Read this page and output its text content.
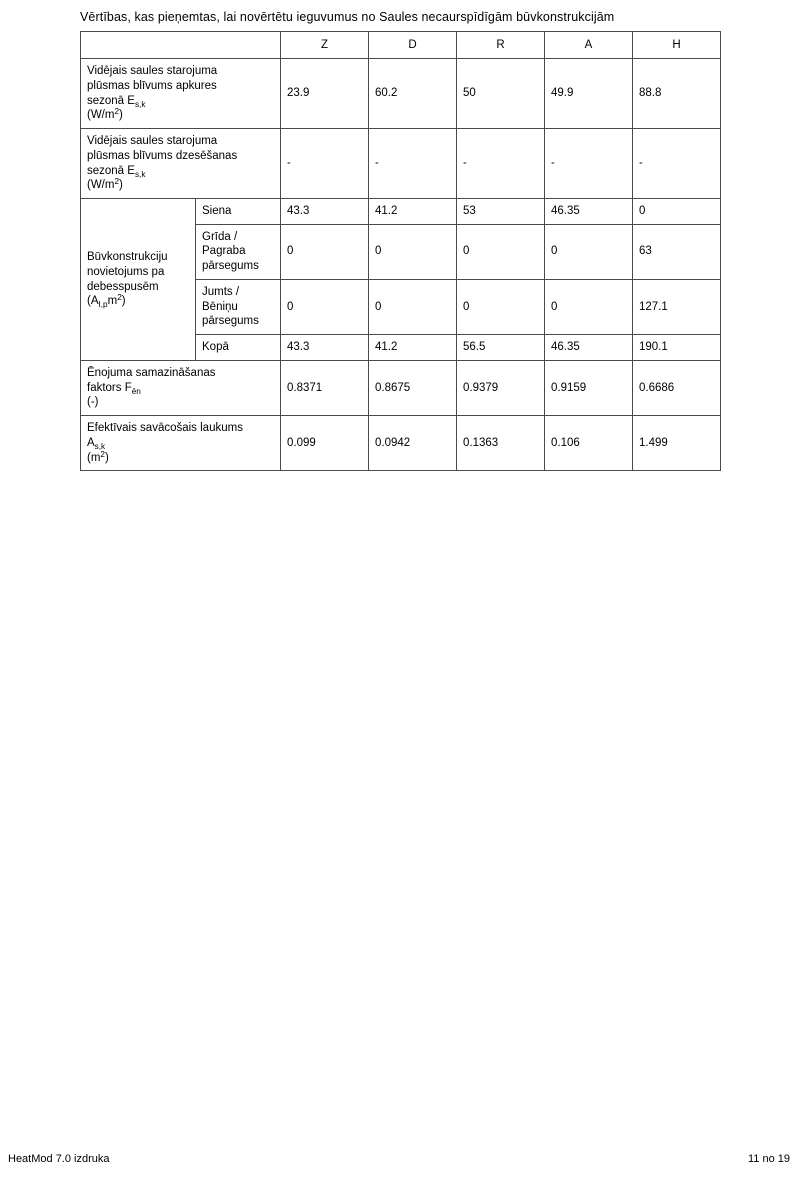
Vērtības, kas pieņemtas, lai novērtētu ieguvumus no Saules necaurspīdīgām būvkonstrukcijām
		Z	D	R	A	H
Vidējais saules starojuma
plūsmas blīvums apkures
sezonā $E_{s,k}$
$(W/m^2)$		23.9	60.2	50	49.9	88.8
Vidējais saules starojuma
plūsmas blīvums dzesēšanas
sezonā $E_{s,k}$
$(W/m^2)$		-	-	-	-	-
Būvkonstrukciju
novietojums pa
debesspusēm
$(A_{I,p}m^2)$	Siena	43.3	41.2	53	46.35	0
	Grīda /
Pagraba
pārsegums	0	0	0	0	63
	Jumts /
Bēniņu
pārsegums	0	0	0	0	127.1
	Kopā	43.3	41.2	56.5	46.35	190.1
Ēnojuma samazināšanas
faktors $F_{ēn}$
(-)		0.8371	0.8675	0.9379	0.9159	0.6686
Efektīvais savācošais laukums
$A_{s,k}$
$(m^2)$		0.099	0.0942	0.1363	0.106	1.499
HeatMod 7.0 izdruka	11 no 19
